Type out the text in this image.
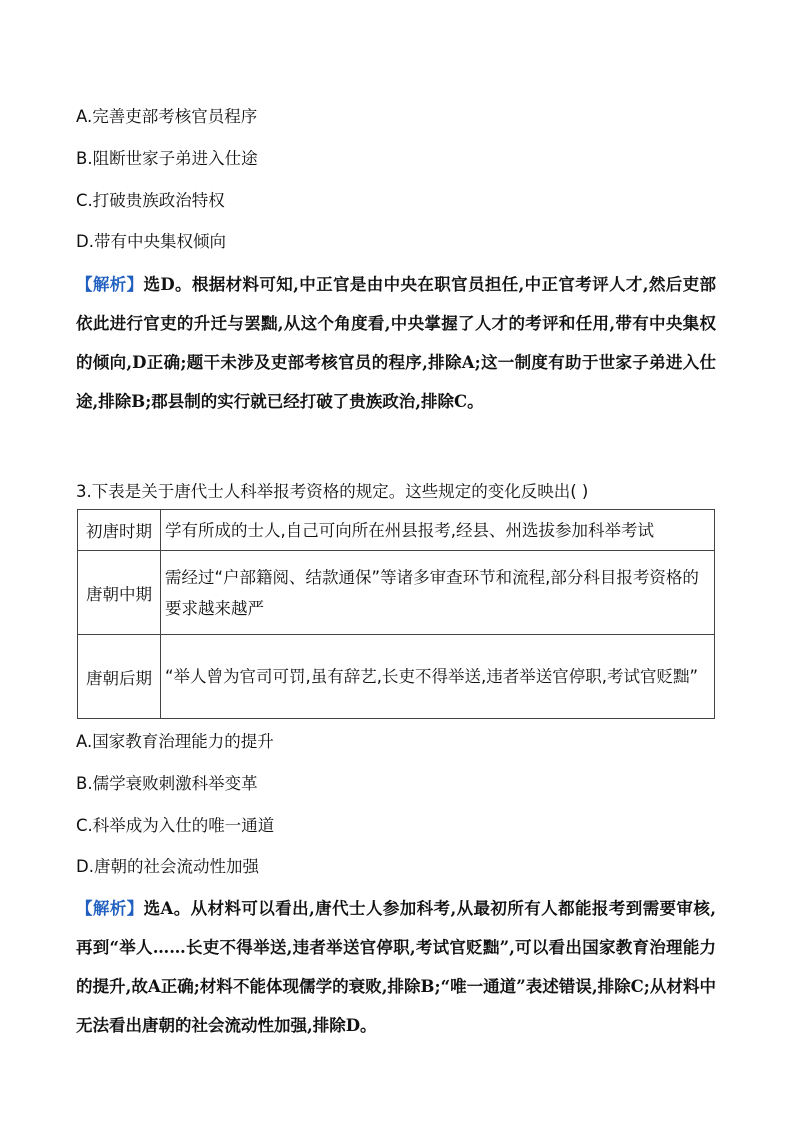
A.完善吏部考核官员程序
B.阻断世家子弟进入仕途
C.打破贵族政治特权
D.带有中央集权倾向
【解析】选D。根据材料可知,中正官是由中央在职官员担任,中正官考评人才,然后吏部依此进行官吏的升迁与罢黜,从这个角度看,中央掌握了人才的考评和任用,带有中央集权的倾向,D正确;题干未涉及吏部考核官员的程序,排除A;这一制度有助于世家子弟进入仕途,排除B;郡县制的实行就已经打破了贵族政治,排除C。
3.下表是关于唐代士人科举报考资格的规定。这些规定的变化反映出( )
初唐时期	学有所成的士人,自己可向所在州县报考,经县、州选拔参加科举考试
唐朝中期	需经过“户部籍阅、结款通保”等诸多审查环节和流程,部分科目报考资格的要求越来越严
唐朝后期	“举人曾为官司可罚,虽有辞艺,长吏不得举送,违者举送官停职,考试官贬黜”
A.国家教育治理能力的提升
B.儒学衰败刺激科举变革
C.科举成为入仕的唯一通道
D.唐朝的社会流动性加强
【解析】选A。从材料可以看出,唐代士人参加科考,从最初所有人都能报考到需要审核,再到“举人……长吏不得举送,违者举送官停职,考试官贬黜”,可以看出国家教育治理能力的提升,故A正确;材料不能体现儒学的衰败,排除B;“唯一通道”表述错误,排除C;从材料中无法看出唐朝的社会流动性加强,排除D。
